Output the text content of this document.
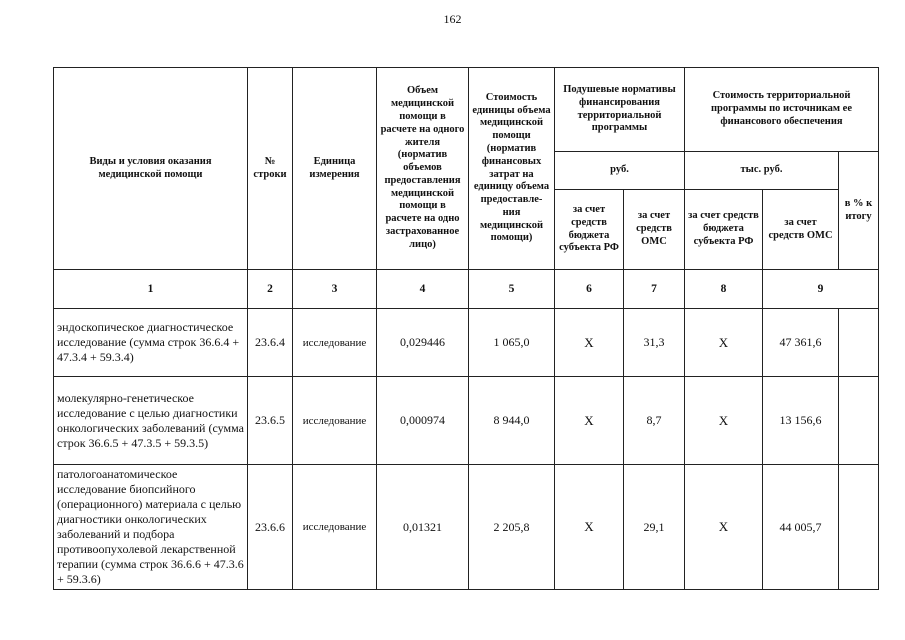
162
Виды и условия оказания медицинской помощи	№ строки	Единица измерения	Объем медицинской помощи в расчете на одного жителя (норматив объемов предоставления медицинской помощи в расчете на одно застрахованное лицо)	Стоимость единицы объема медицинской помощи (норматив финансовых затрат на единицу объема предоставле-ния медицинской помощи)	Подушевые нормативы финансирования территориальной программы		Стоимость территориальной программы по источникам ее финансового обеспечения		
					руб.		тыс. руб.		в % к итогу
					за счет средств бюджета субъекта РФ	за счет средств ОМС	за счет средств бюджета субъекта РФ	за счет средств ОМС	
1	2	3	4	5	6	7	8	9	
эндоскопическое диагностическое исследование (сумма строк 36.6.4 + 47.3.4 + 59.3.4)	23.6.4	исследование	0,029446	1 065,0	Х	31,3	Х	47 361,6	
молекулярно-генетическое исследование с целью диагностики онкологических заболеваний (сумма строк 36.6.5 + 47.3.5 + 59.3.5)	23.6.5	исследование	0,000974	8 944,0	Х	8,7	Х	13 156,6	
патологоанатомическое исследование биопсийного (операционного) материала с целью диагностики онкологических заболеваний и подбора противоопухолевой лекарственной терапии (сумма строк 36.6.6 + 47.3.6 + 59.3.6)	23.6.6	исследование	0,01321	2 205,8	Х	29,1	Х	44 005,7	
